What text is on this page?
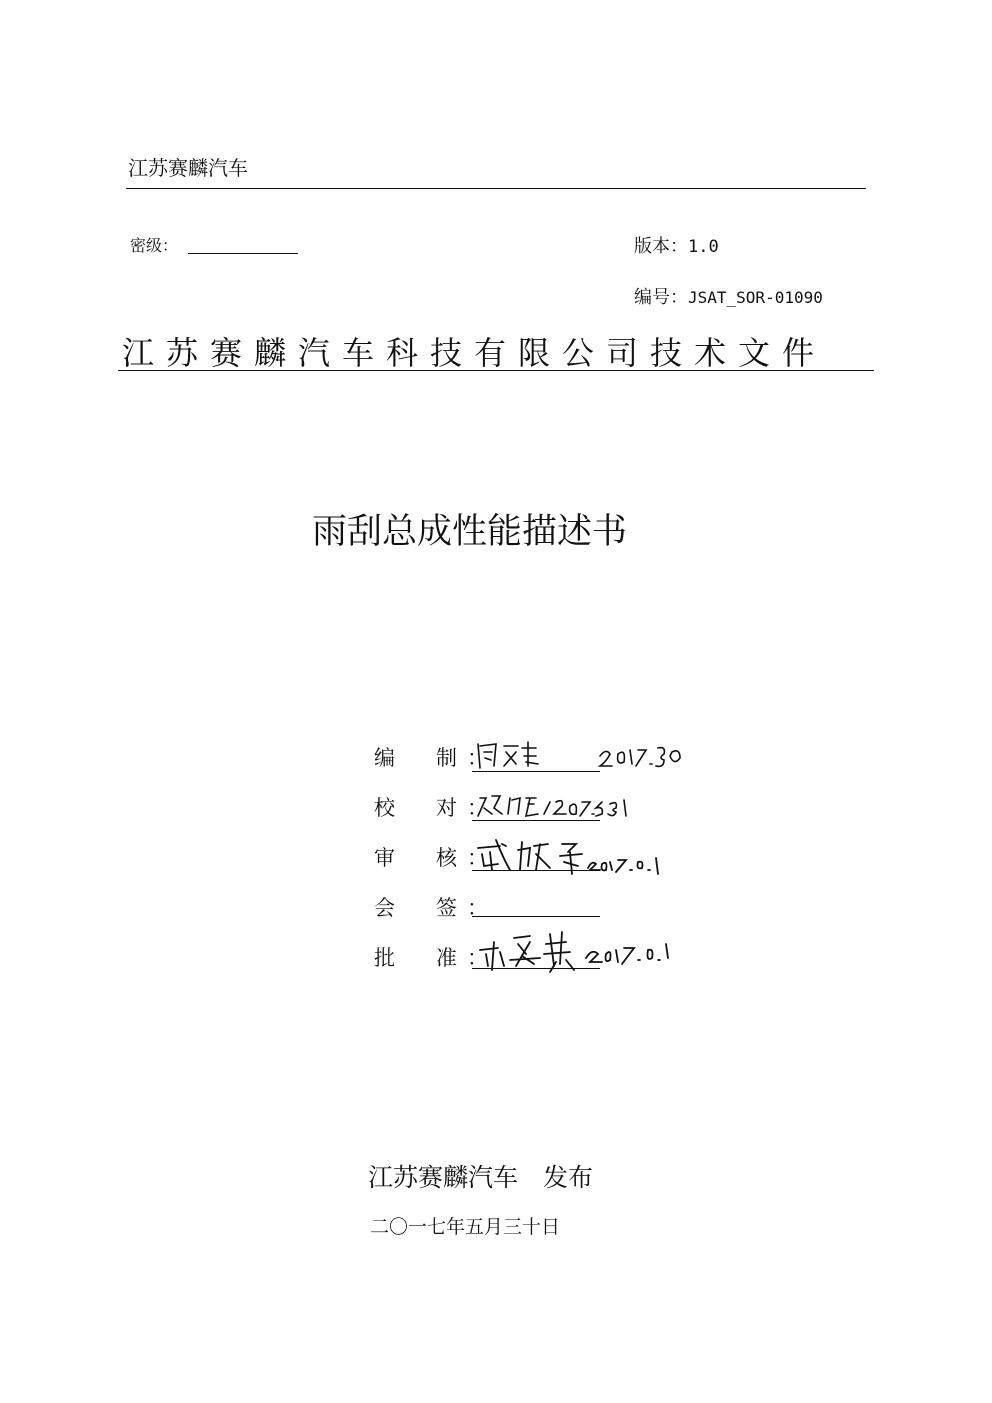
江苏赛麟汽车
密级：	版本：1.0
编号：JSAT_SOR-01090
江苏赛麟汽车科技有限公司技术文件
雨刮总成性能描述书
编　制：
校　对：
审　核：
会　签：
批　准：
江苏赛麟汽车　发布
二〇一七年五月三十日
